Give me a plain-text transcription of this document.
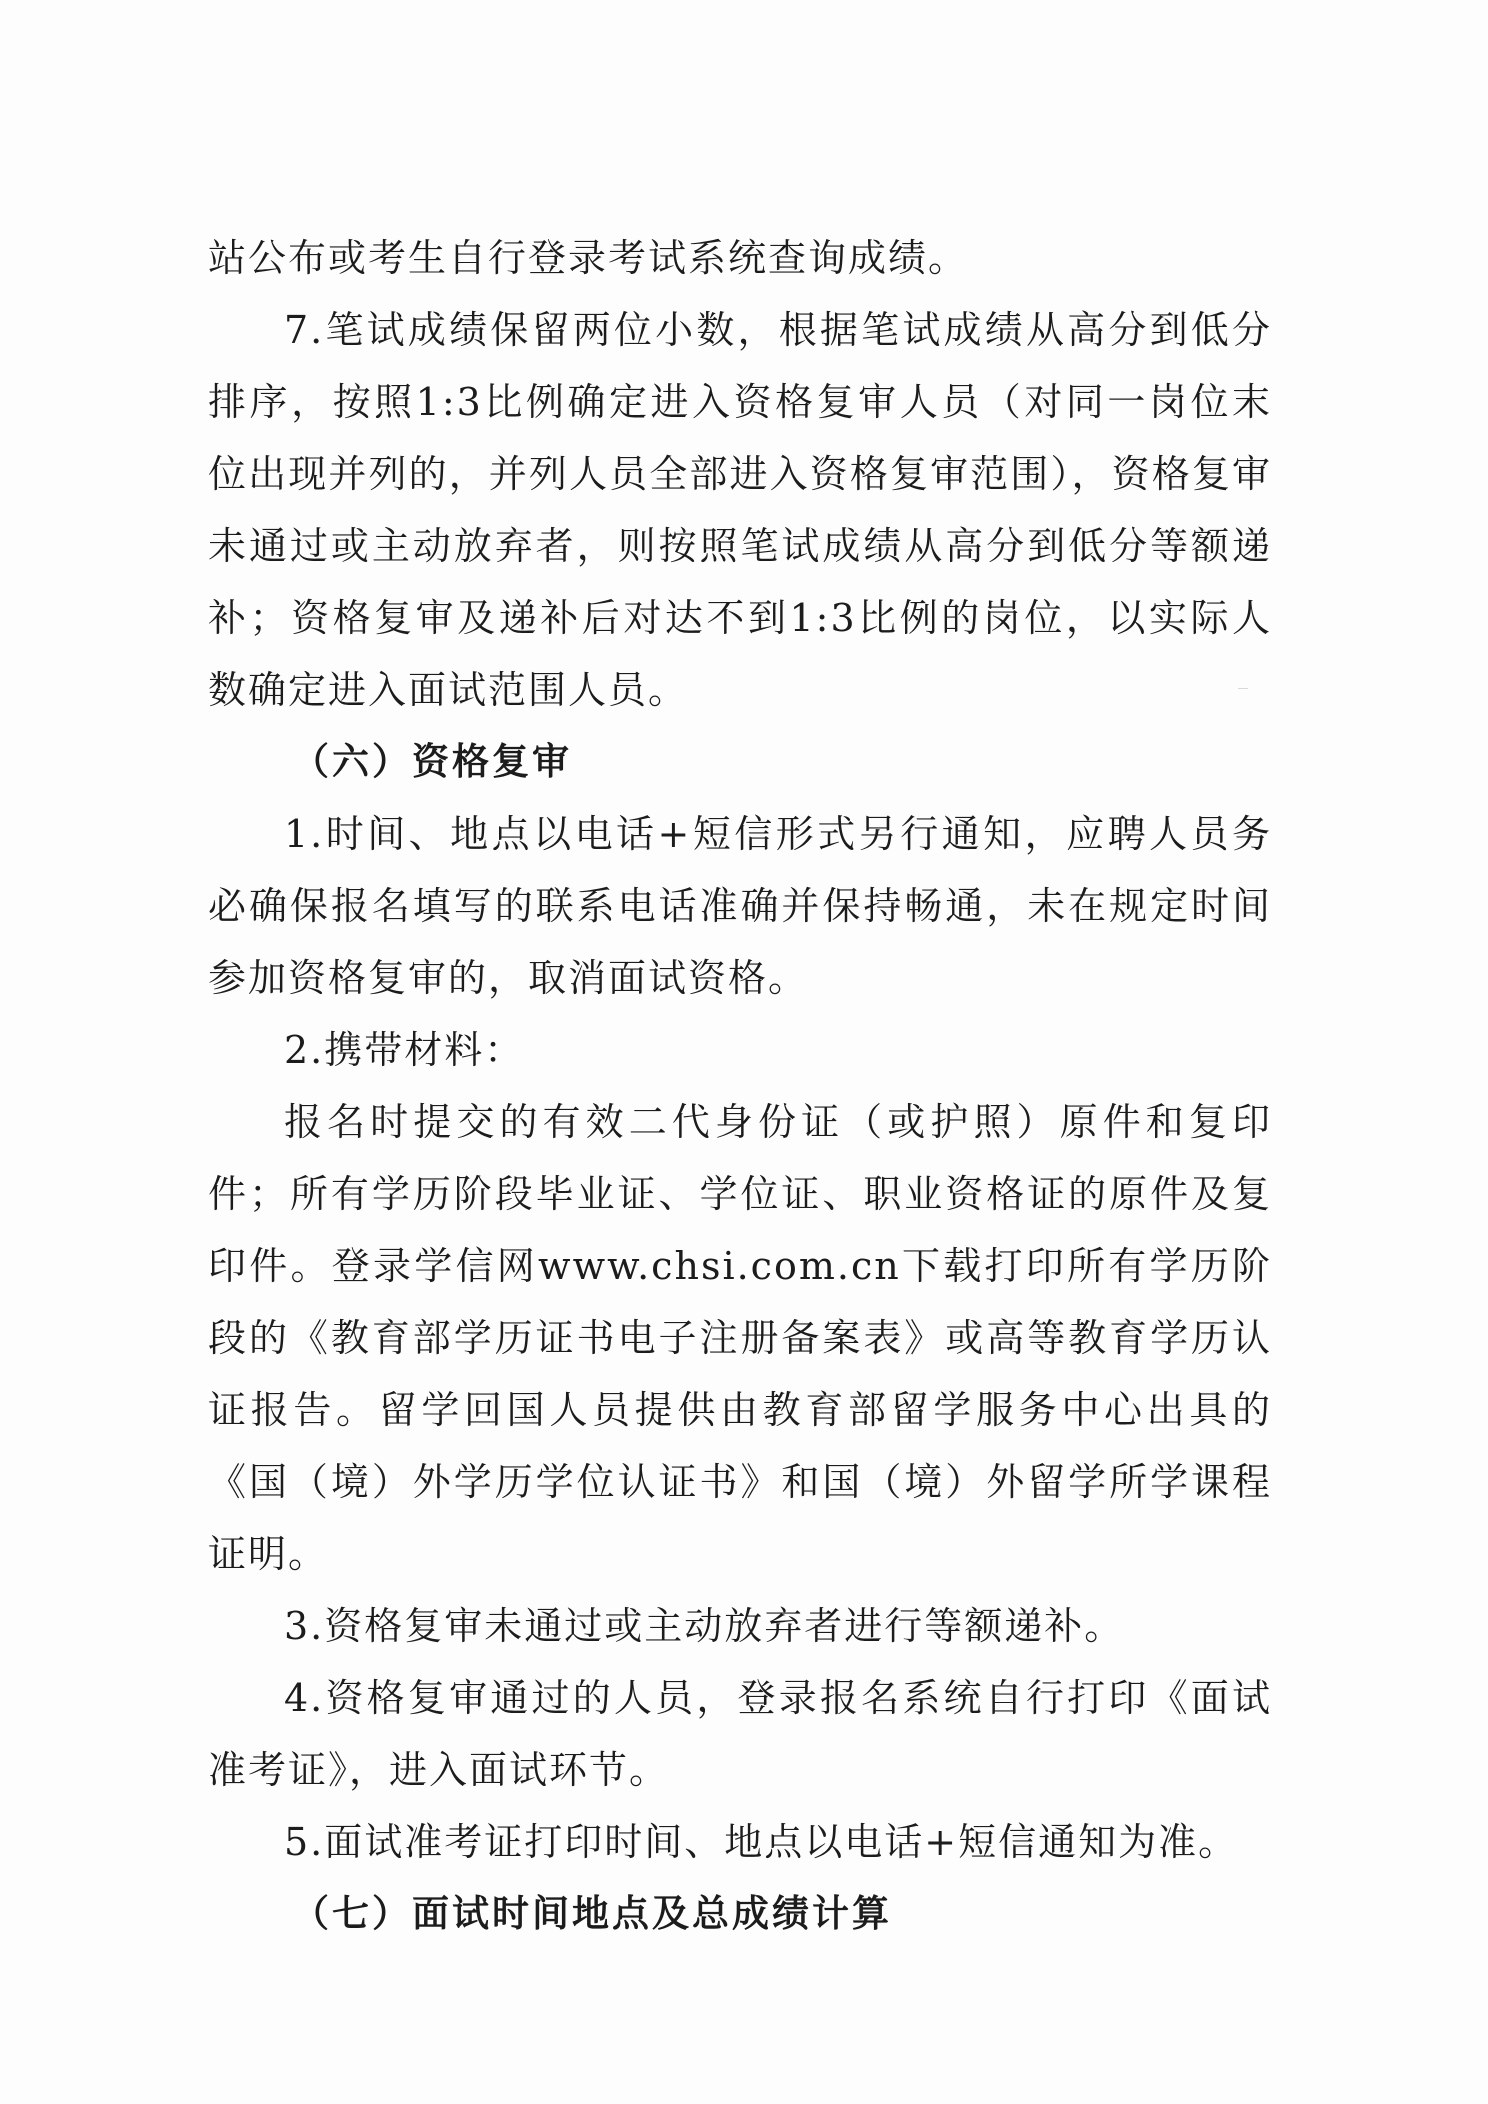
站公布或考生自行登录考试系统查询成绩。

7.笔试成绩保留两位小数，根据笔试成绩从高分到低分排序，按照1:3比例确定进入资格复审人员（对同一岗位末位出现并列的，并列人员全部进入资格复审范围），资格复审未通过或主动放弃者，则按照笔试成绩从高分到低分等额递补；资格复审及递补后对达不到1:3比例的岗位，以实际人数确定进入面试范围人员。

（六）资格复审

1.时间、地点以电话+短信形式另行通知，应聘人员务必确保报名填写的联系电话准确并保持畅通，未在规定时间参加资格复审的，取消面试资格。

2.携带材料：

报名时提交的有效二代身份证（或护照）原件和复印件；所有学历阶段毕业证、学位证、职业资格证的原件及复印件。登录学信网www.chsi.com.cn下载打印所有学历阶段的《教育部学历证书电子注册备案表》或高等教育学历认证报告。留学回国人员提供由教育部留学服务中心出具的《国（境）外学历学位认证书》和国（境）外留学所学课程证明。

3.资格复审未通过或主动放弃者进行等额递补。

4.资格复审通过的人员，登录报名系统自行打印《面试准考证》，进入面试环节。

5.面试准考证打印时间、地点以电话+短信通知为准。

（七）面试时间地点及总成绩计算
